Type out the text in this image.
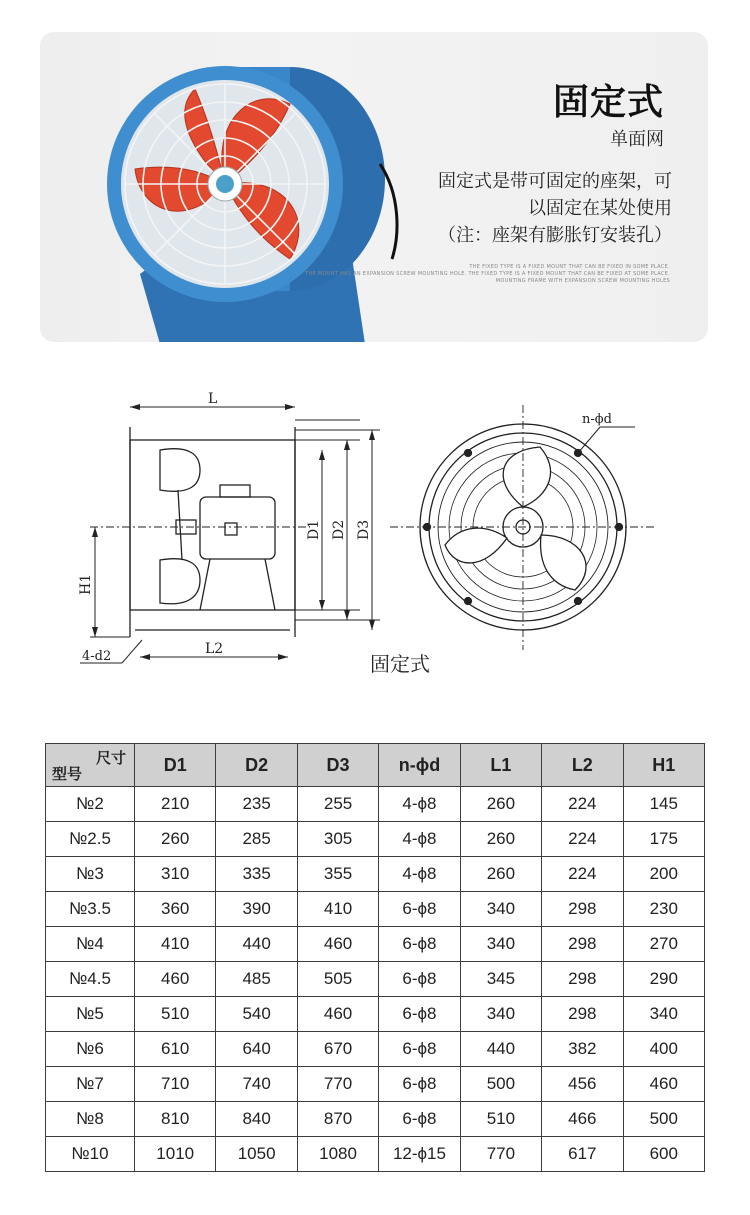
固定式
单面网
固定式是带可固定的座架，可
以固定在某处使用
（注：座架有膨胀钉安装孔）
THE FIXED TYPE IS A FIXED MOUNT THAT CAN BE FIXED IN SOME PLACE.
THE MOUNT HAS AN EXPANSION SCREW MOUNTING HOLE. THE FIXED TYPE IS A FIXED MOUNT THAT CAN BE FIXED AT SOME PLACE.
MOUNTING FRAME WITH EXPANSION SCREW MOUNTING HOLES
L
H1
L2
4-d2
D1 D2 D3
n-ϕd
固定式
尺寸
型号	D1	D2	D3	n-ϕd	L1	L2	H1
№2	210	235	255	4-ϕ8	260	224	145
№2.5	260	285	305	4-ϕ8	260	224	175
№3	310	335	355	4-ϕ8	260	224	200
№3.5	360	390	410	6-ϕ8	340	298	230
№4	410	440	460	6-ϕ8	340	298	270
№4.5	460	485	505	6-ϕ8	345	298	290
№5	510	540	460	6-ϕ8	340	298	340
№6	610	640	670	6-ϕ8	440	382	400
№7	710	740	770	6-ϕ8	500	456	460
№8	810	840	870	6-ϕ8	510	466	500
№10	1010	1050	1080	12-ϕ15	770	617	600
